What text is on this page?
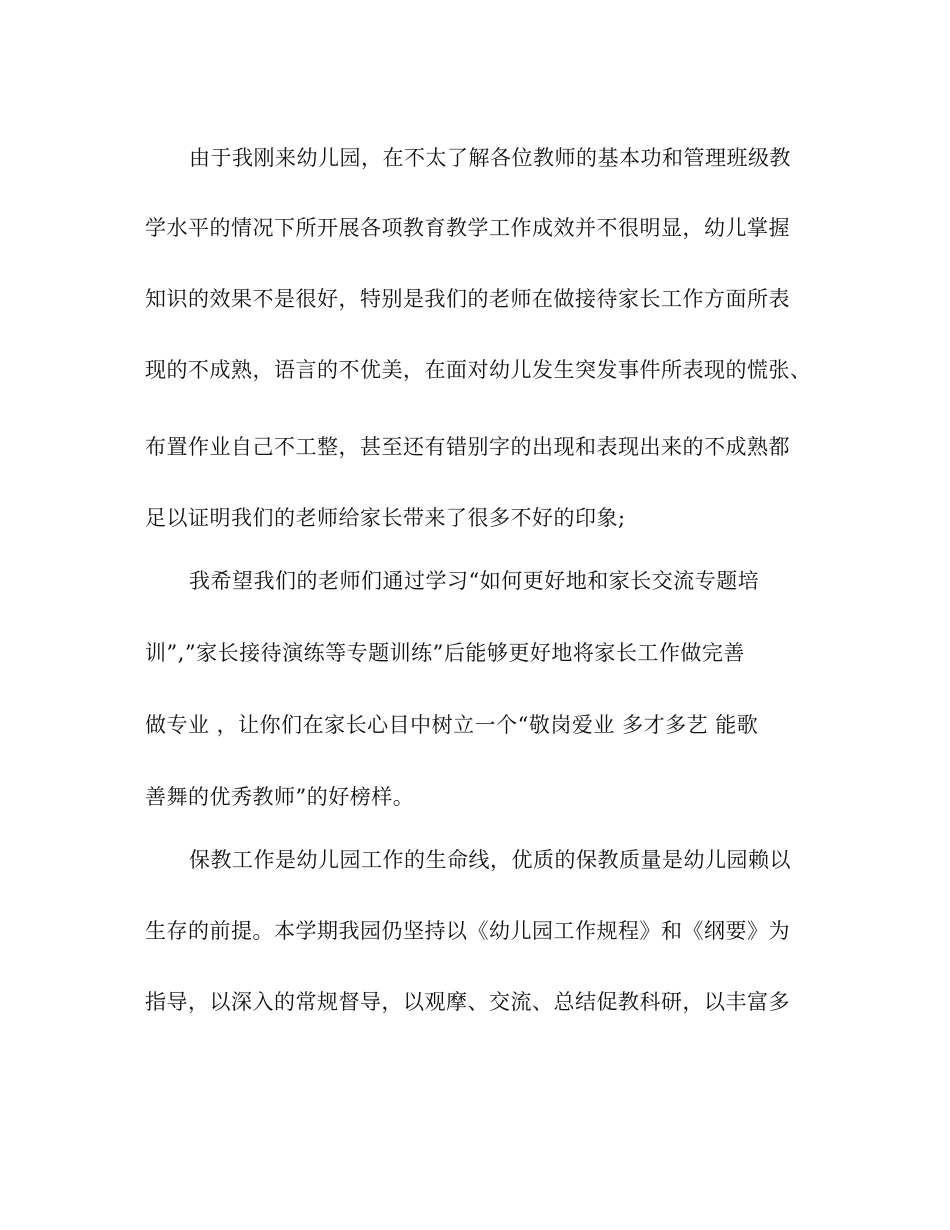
由于我刚来幼儿园，在不太了解各位教师的基本功和管理班级教
学水平的情况下所开展各项教育教学工作成效并不很明显，幼儿掌握
知识的效果不是很好，特别是我们的老师在做接待家长工作方面所表
现的不成熟，语言的不优美，在面对幼儿发生突发事件所表现的慌张、
布置作业自己不工整，甚至还有错别字的出现和表现出来的不成熟都
足以证明我们的老师给家长带来了很多不好的印象;
我希望我们的老师们通过学习“如何更好地和家长交流专题培
训”,”家长接待演练等专题训练”后能够更好地将家长工作做完善
做专业 ，让你们在家长心目中树立一个“敬岗爱业 多才多艺 能歌
善舞的优秀教师”的好榜样。
保教工作是幼儿园工作的生命线，优质的保教质量是幼儿园赖以
生存的前提。本学期我园仍坚持以《幼儿园工作规程》和《纲要》为
指导，以深入的常规督导，以观摩、交流、总结促教科研，以丰富多
